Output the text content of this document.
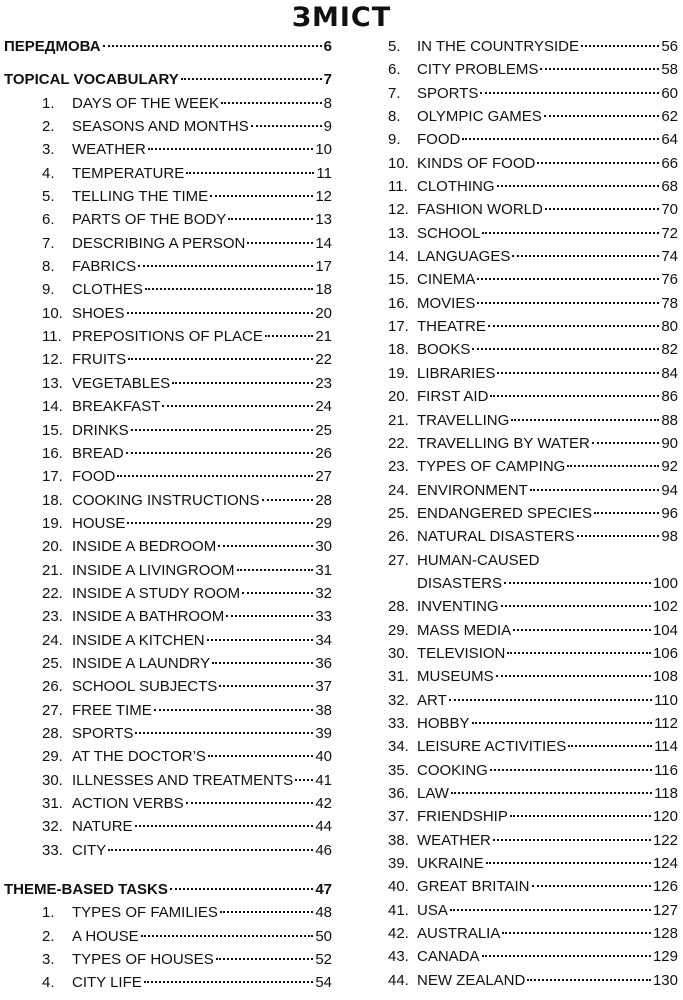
ЗМІСТ
ПЕРЕДМОВА	6
TOPICAL VOCABULARY	7
1.	DAYS OF THE WEEK	8
2.	SEASONS AND MONTHS	9
3.	WEATHER	10
4.	TEMPERATURE	11
5.	TELLING THE TIME	12
6.	PARTS OF THE BODY	13
7.	DESCRIBING A PERSON	14
8.	FABRICS	17
9.	CLOTHES	18
10. SHOES	20
11. PREPOSITIONS OF PLACE	21
12. FRUITS	22
13. VEGETABLES	23
14. BREAKFAST	24
15. DRINKS	25
16. BREAD	26
17. FOOD	27
18. COOKING INSTRUCTIONS	28
19. HOUSE	29
20. INSIDE A BEDROOM	30
21. INSIDE A LIVINGROOM	31
22. INSIDE A STUDY ROOM	32
23. INSIDE A BATHROOM	33
24. INSIDE A KITCHEN	34
25. INSIDE A LAUNDRY	36
26. SCHOOL SUBJECTS	37
27. FREE TIME	38
28. SPORTS	39
29. AT THE DOCTOR’S	40
30. ILLNESSES AND TREATMENTS 41
31. ACTION VERBS	42
32. NATURE	44
33. CITY	46
THEME-BASED TASKS	47
1.	TYPES OF FAMILIES	48
2.	A HOUSE	50
3.	TYPES OF HOUSES	52
4.	CITY LIFE	54
5.	IN THE COUNTRYSIDE	56
6.	CITY PROBLEMS	58
7.	SPORTS	60
8.	OLYMPIC GAMES	62
9.	FOOD	64
10. KINDS OF FOOD	66
11. CLOTHING	68
12. FASHION WORLD	70
13. SCHOOL	72
14. LANGUAGES	74
15. CINEMA	76
16. MOVIES	78
17. THEATRE	80
18. BOOKS	82
19. LIBRARIES	84
20. FIRST AID	86
21. TRAVELLING	88
22. TRAVELLING BY WATER	90
23. TYPES OF CAMPING	92
24. ENVIRONMENT	94
25. ENDANGERED SPECIES	96
26. NATURAL DISASTERS	98
27. HUMAN-CAUSED
DISASTERS	100
28. INVENTING	102
29. MASS MEDIA	104
30. TELEVISION	106
31. MUSEUMS	108
32. ART	110
33. HOBBY	112
34. LEISURE ACTIVITIES	114
35. COOKING	116
36. LAW	118
37. FRIENDSHIP	120
38. WEATHER	122
39. UKRAINE	124
40. GREAT BRITAIN	126
41. USA	127
42. AUSTRALIA	128
43. CANADA	129
44. NEW ZEALAND	130
